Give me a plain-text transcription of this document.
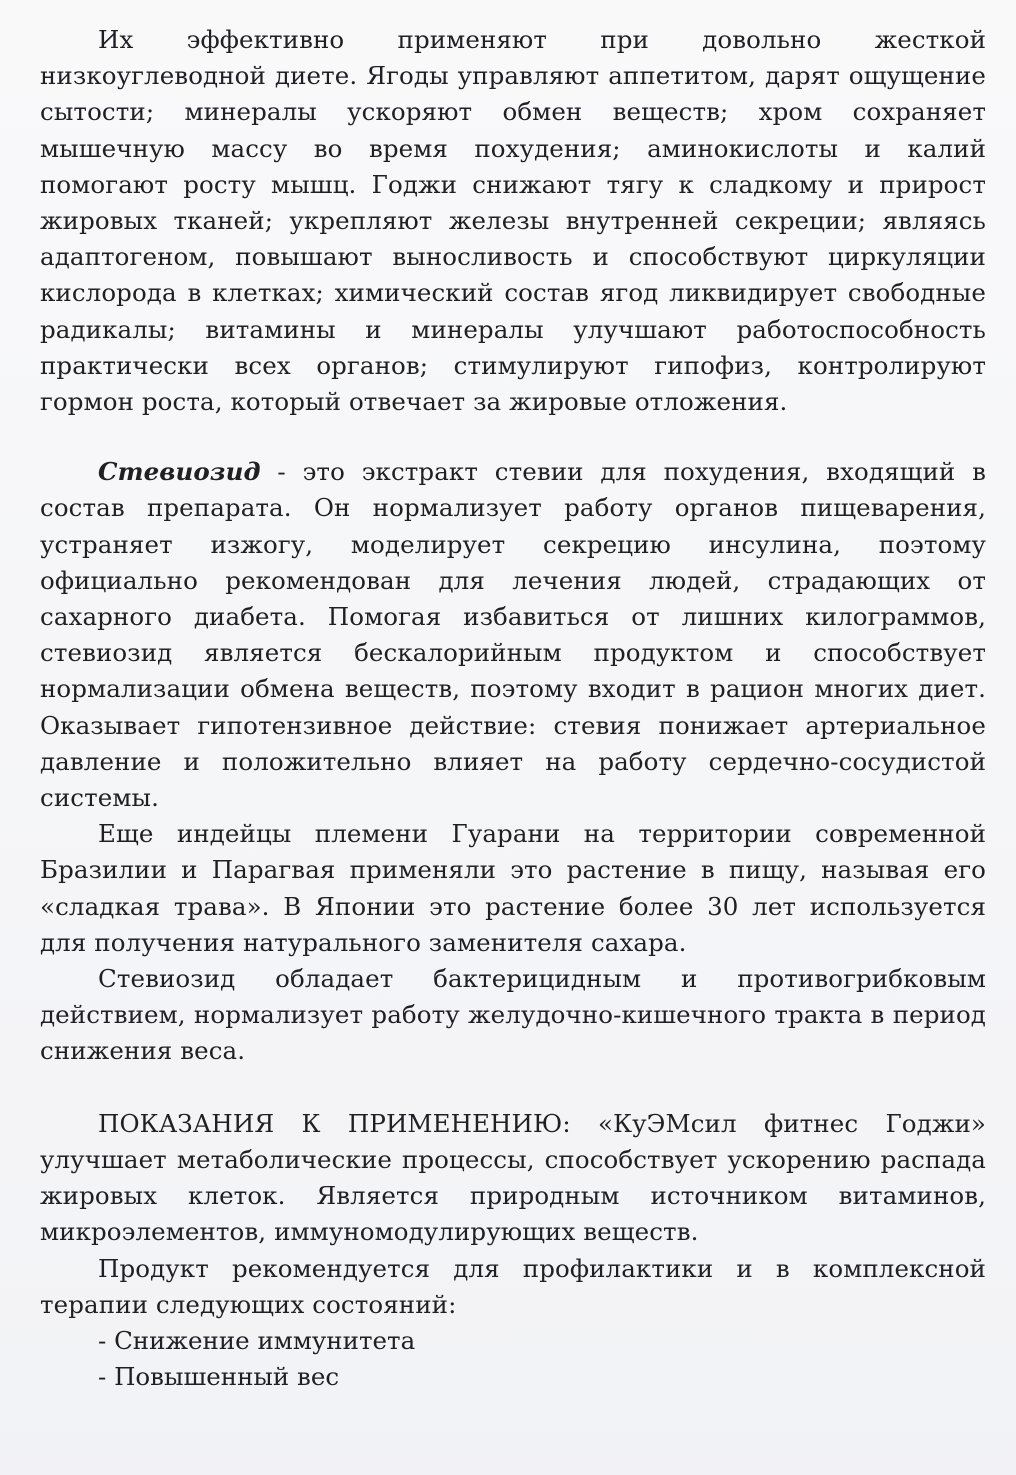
Их эффективно применяют при довольно жесткой низкоуглеводной диете. Ягоды управляют аппетитом, дарят ощущение сытости; минералы ускоряют обмен веществ; хром сохраняет мышечную массу во время похудения; аминокислоты и калий помогают росту мышц. Годжи снижают тягу к сладкому и прирост жировых тканей; укрепляют железы внутренней секреции; являясь адаптогеном, повышают выносливость и способствуют циркуляции кислорода в клетках; химический состав ягод ликвидирует свободные радикалы; витамины и минералы улучшают работоспособность практически всех органов; стимулируют гипофиз, контролируют гормон роста, который отвечает за жировые отложения.

Стевиозид - это экстракт стевии для похудения, входящий в состав препарата. Он нормализует работу органов пищеварения, устраняет изжогу, моделирует секрецию инсулина, поэтому официально рекомендован для лечения людей, страдающих от сахарного диабета. Помогая избавиться от лишних килограммов, стевиозид является бескалорийным продуктом и способствует нормализации обмена веществ, поэтому входит в рацион многих диет. Оказывает гипотензивное действие: стевия понижает артериальное давление и положительно влияет на работу сердечно-сосудистой системы.

Еще индейцы племени Гуарани на территории современной Бразилии и Парагвая применяли это растение в пищу, называя его «сладкая трава». В Японии это растение более 30 лет используется для получения натурального заменителя сахара.

Стевиозид обладает бактерицидным и противогрибковым действием, нормализует работу желудочно-кишечного тракта в период снижения веса.

ПОКАЗАНИЯ К ПРИМЕНЕНИЮ: «КуЭМсил фитнес Годжи» улучшает метаболические процессы, способствует ускорению распада жировых клеток. Является природным источником витаминов, микроэлементов, иммуномодулирующих веществ.

Продукт рекомендуется для профилактики и в комплексной терапии следующих состояний:

- Снижение иммунитета

- Повышенный вес
